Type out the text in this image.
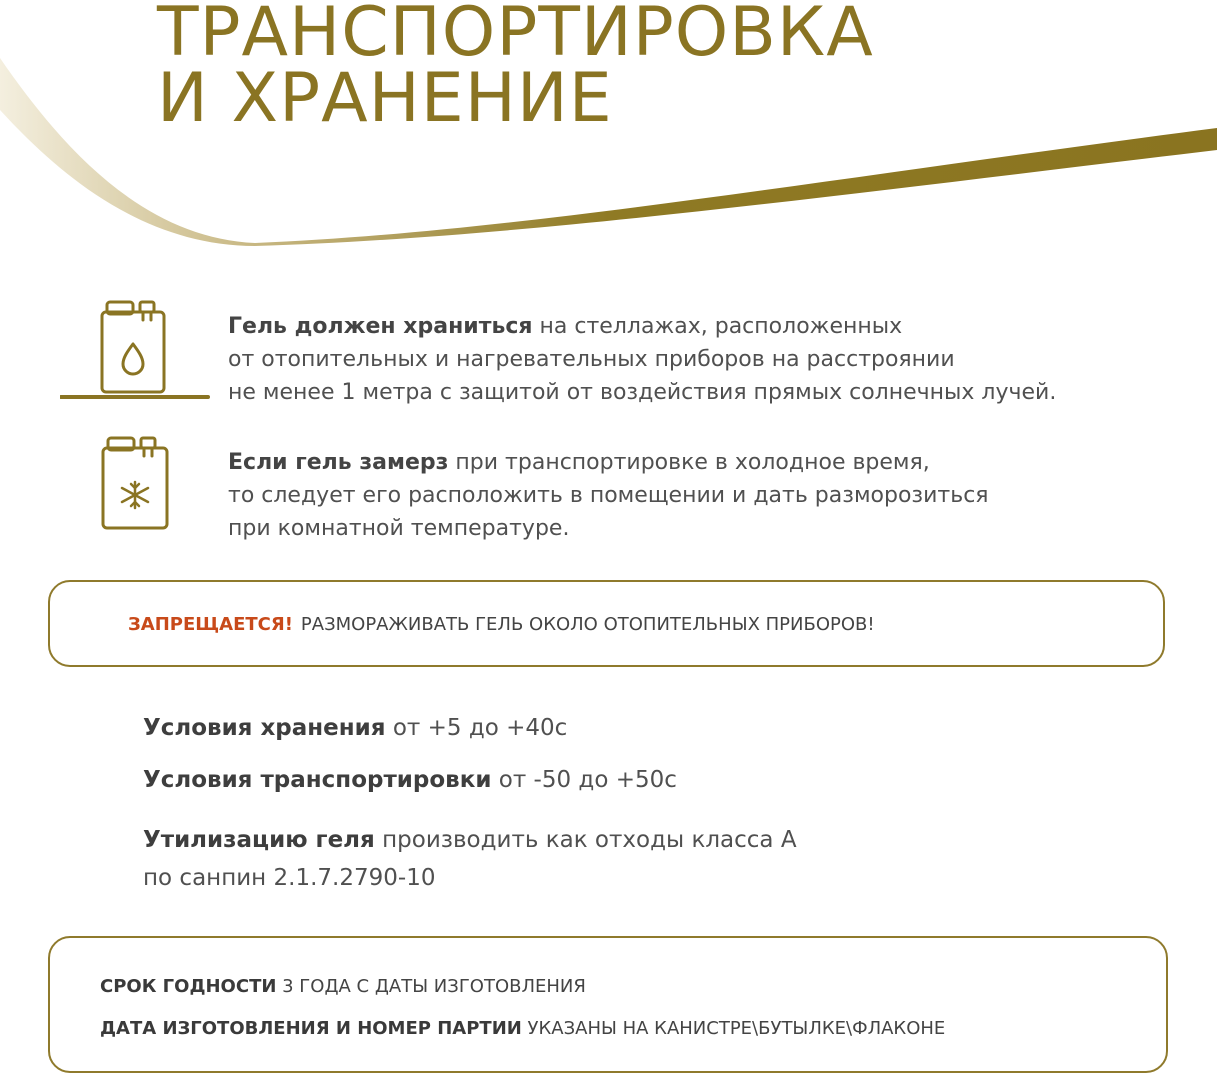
ТРАНСПОРТИРОВКА
И ХРАНЕНИЕ
Гель должен храниться на стеллажах, расположенных
от отопительных и нагревательных приборов на расстроянии
не менее 1 метра с защитой от воздействия прямых солнечных лучей.
Если гель замерз при транспортировке в холодное время,
то следует его расположить в помещении и дать разморозиться
при комнатной температуре.
ЗАПРЕЩАЕТСЯ! РАЗМОРАЖИВАТЬ ГЕЛЬ ОКОЛО ОТОПИТЕЛЬНЫХ ПРИБОРОВ!
Условия хранения от +5 до +40с
Условия транспортировки от -50 до +50с
Утилизацию геля производить как отходы класса А
по санпин 2.1.7.2790-10
СРОК ГОДНОСТИ 3 ГОДА С ДАТЫ ИЗГОТОВЛЕНИЯ
ДАТА ИЗГОТОВЛЕНИЯ И НОМЕР ПАРТИИ УКАЗАНЫ НА КАНИСТРЕ\БУТЫЛКЕ\ФЛАКОНЕ
